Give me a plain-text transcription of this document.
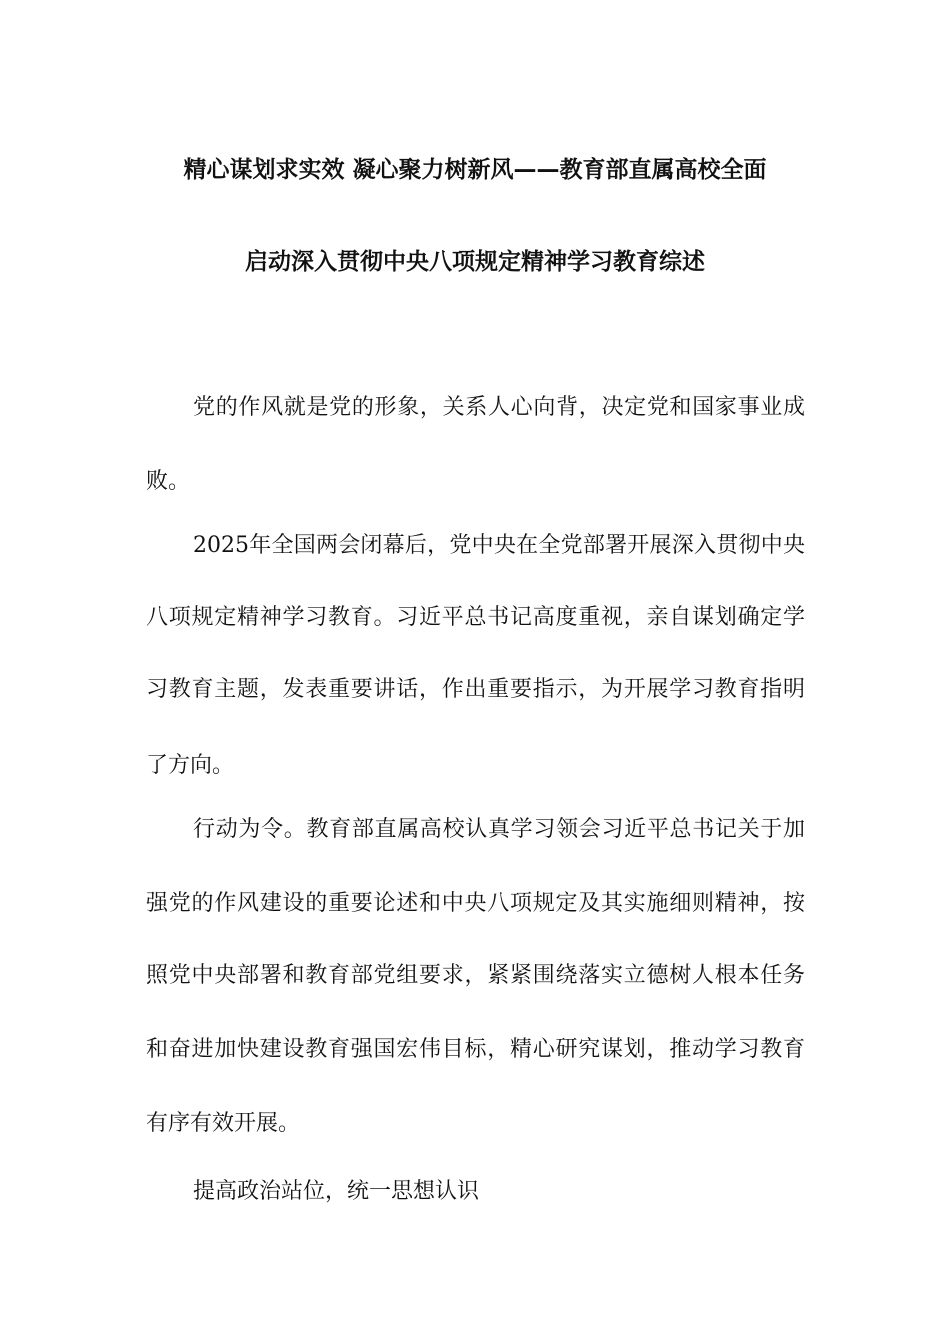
精心谋划求实效 凝心聚力树新风——教育部直属高校全面
启动深入贯彻中央八项规定精神学习教育综述
党的作风就是党的形象，关系人心向背，决定党和国家事业成
败。
2025年全国两会闭幕后，党中央在全党部署开展深入贯彻中央
八项规定精神学习教育。习近平总书记高度重视，亲自谋划确定学
习教育主题，发表重要讲话，作出重要指示，为开展学习教育指明
了方向。
行动为令。教育部直属高校认真学习领会习近平总书记关于加
强党的作风建设的重要论述和中央八项规定及其实施细则精神，按
照党中央部署和教育部党组要求，紧紧围绕落实立德树人根本任务
和奋进加快建设教育强国宏伟目标，精心研究谋划，推动学习教育
有序有效开展。
提高政治站位，统一思想认识
